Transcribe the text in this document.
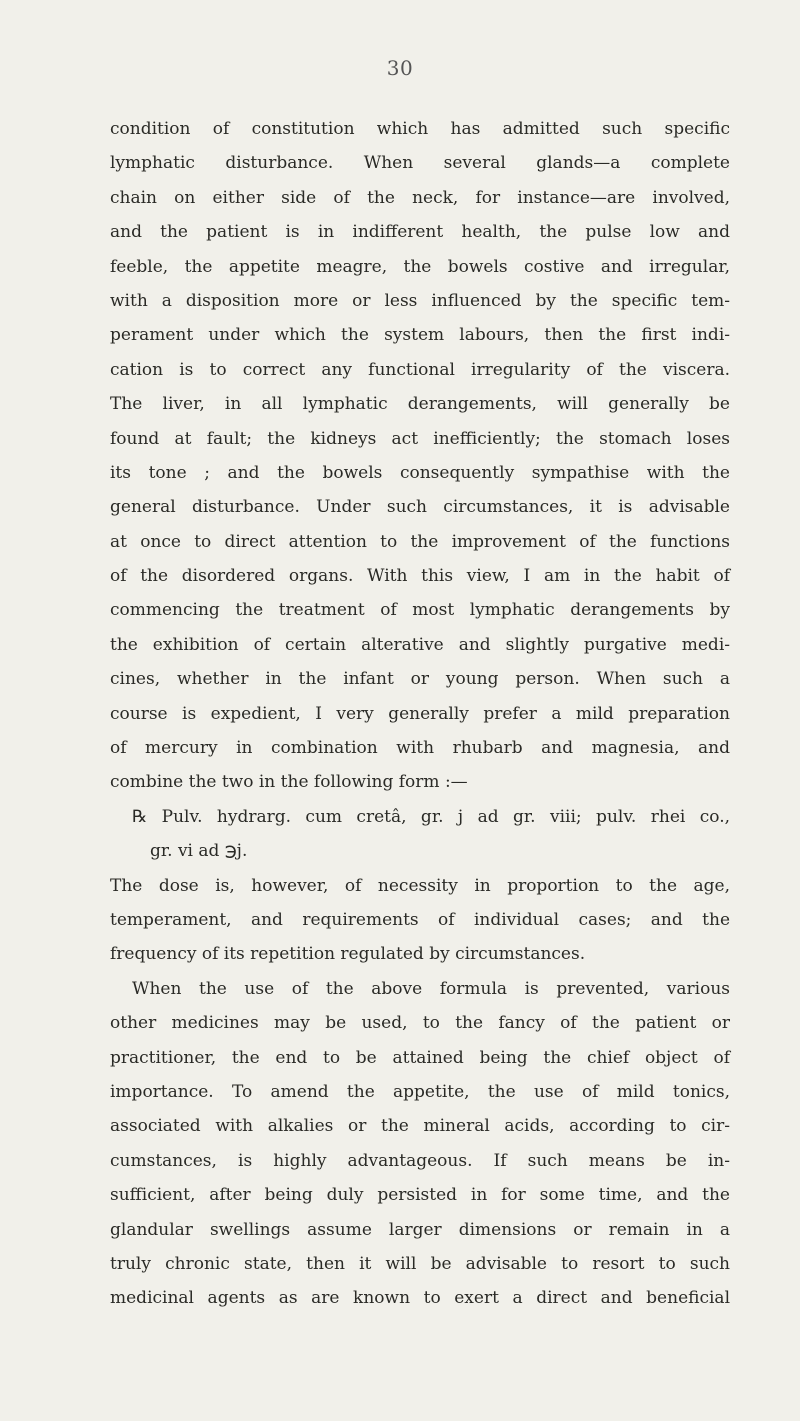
30
condition of constitution which has admitted such specific
lymphatic disturbance. When several glands—a complete
chain on either side of the neck, for instance—are involved,
and the patient is in indifferent health, the pulse low and
feeble, the appetite meagre, the bowels costive and irregular,
with a disposition more or less influenced by the specific tem-
perament under which the system labours, then the first indi-
cation is to correct any functional irregularity of the viscera.
The liver, in all lymphatic derangements, will generally be
found at fault; the kidneys act inefficiently; the stomach loses
its tone ; and the bowels consequently sympathise with the
general disturbance. Under such circumstances, it is advisable
at once to direct attention to the improvement of the functions
of the disordered organs. With this view, I am in the habit of
commencing the treatment of most lymphatic derangements by
the exhibition of certain alterative and slightly purgative medi-
cines, whether in the infant or young person. When such a
course is expedient, I very generally prefer a mild preparation
of mercury in combination with rhubarb and magnesia, and
combine the two in the following form :—
℞ Pulv. hydrarg. cum cretâ, gr. j ad gr. viii; pulv. rhei co.,
gr. vi ad ℈j.
The dose is, however, of necessity in proportion to the age,
temperament, and requirements of individual cases; and the
frequency of its repetition regulated by circumstances.
When the use of the above formula is prevented, various
other medicines may be used, to the fancy of the patient or
practitioner, the end to be attained being the chief object of
importance. To amend the appetite, the use of mild tonics,
associated with alkalies or the mineral acids, according to cir-
cumstances, is highly advantageous. If such means be in-
sufficient, after being duly persisted in for some time, and the
glandular swellings assume larger dimensions or remain in a
truly chronic state, then it will be advisable to resort to such
medicinal agents as are known to exert a direct and beneficial
